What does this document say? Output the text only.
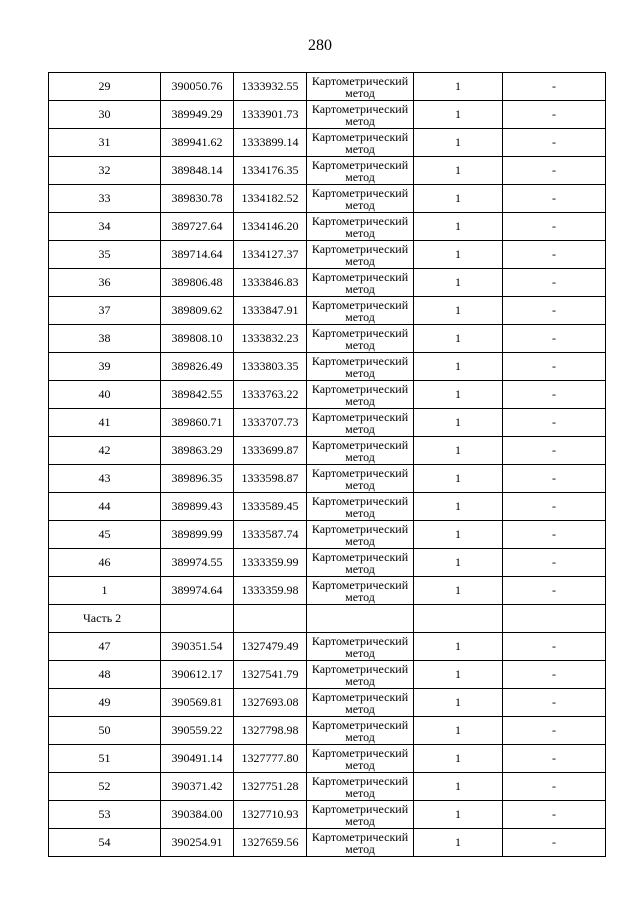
280
29	390050.76	1333932.55	Картометрический метод	1	-
30	389949.29	1333901.73	Картометрический метод	1	-
31	389941.62	1333899.14	Картометрический метод	1	-
32	389848.14	1334176.35	Картометрический метод	1	-
33	389830.78	1334182.52	Картометрический метод	1	-
34	389727.64	1334146.20	Картометрический метод	1	-
35	389714.64	1334127.37	Картометрический метод	1	-
36	389806.48	1333846.83	Картометрический метод	1	-
37	389809.62	1333847.91	Картометрический метод	1	-
38	389808.10	1333832.23	Картометрический метод	1	-
39	389826.49	1333803.35	Картометрический метод	1	-
40	389842.55	1333763.22	Картометрический метод	1	-
41	389860.71	1333707.73	Картометрический метод	1	-
42	389863.29	1333699.87	Картометрический метод	1	-
43	389896.35	1333598.87	Картометрический метод	1	-
44	389899.43	1333589.45	Картометрический метод	1	-
45	389899.99	1333587.74	Картометрический метод	1	-
46	389974.55	1333359.99	Картометрический метод	1	-
1	389974.64	1333359.98	Картометрический метод	1	-
Часть 2					
47	390351.54	1327479.49	Картометрический метод	1	-
48	390612.17	1327541.79	Картометрический метод	1	-
49	390569.81	1327693.08	Картометрический метод	1	-
50	390559.22	1327798.98	Картометрический метод	1	-
51	390491.14	1327777.80	Картометрический метод	1	-
52	390371.42	1327751.28	Картометрический метод	1	-
53	390384.00	1327710.93	Картометрический метод	1	-
54	390254.91	1327659.56	Картометрический метод	1	-
